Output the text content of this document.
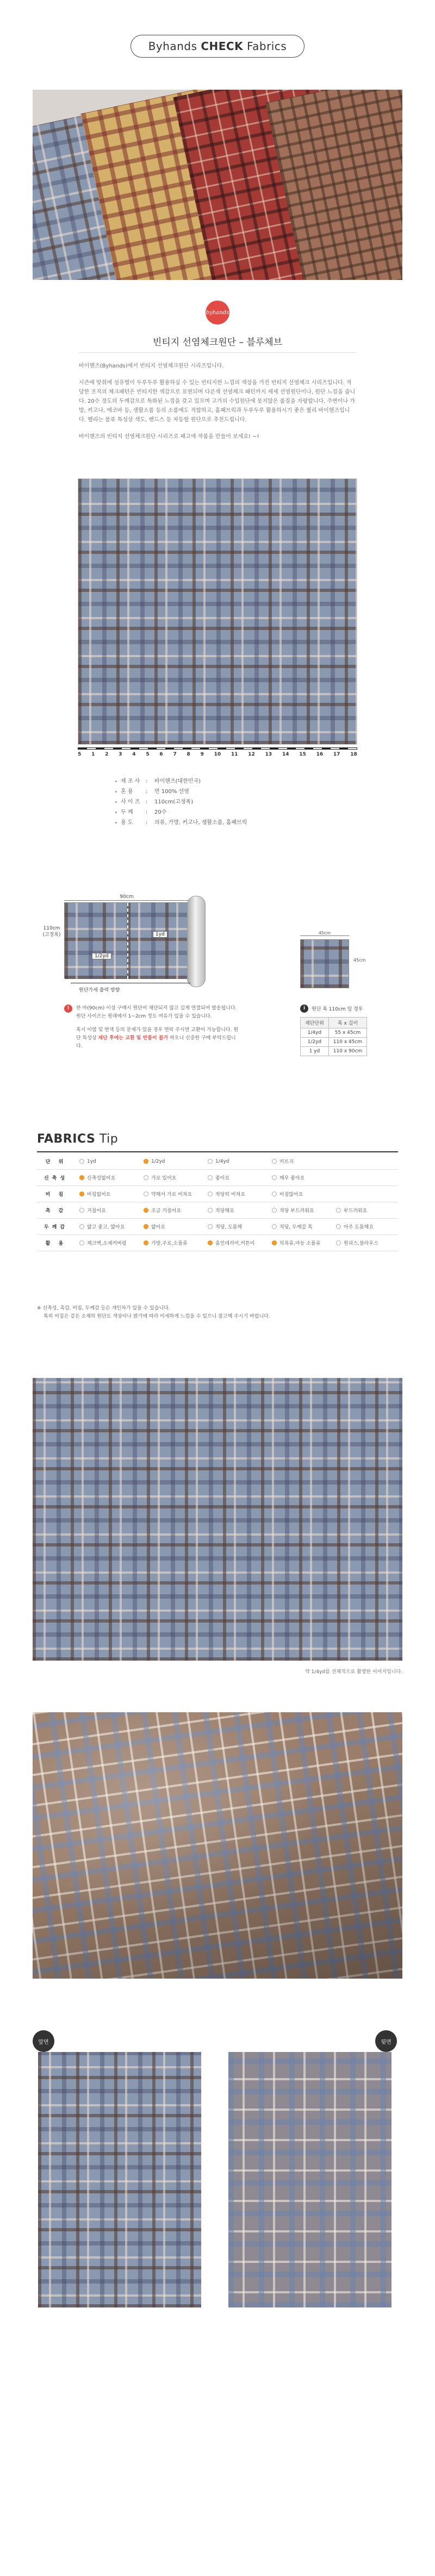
Byhands CHECK Fabrics
byhands
빈티지 선염체크원단 – 블루체브

바이핸즈(Byhands)에서 빈티지 선염체크원단 시리즈입니다.

시즌에 맞춰에 섬유별이 두루두루 활용하실 수 있는 빈티지한 느낌의 색상을 가진 빈티지 선염체크 시리즈입니다. 적당한 조직의 체크패턴은 빈티지한 색감으로 표현되며 다른색 선염체크 패턴까지 세세 선염원단이나, 원단 느낌을 줍니다. 20수 정도의 두께감으로 특화된 느낌을 갖고 있으며 고가의 수입원단에 못지않은 품질을 자랑합니다. 주변이나 가방, 커고나, 에코바 등, 생활소품 등의 소품에도 적합하고, 홈패브릭과 두루두루 활용하시기 좋은 퀄리 바이핸즈입니다. 헬리는 물류 특성상 색도, 밴드스 등 차등할 원단으로 추천드립니다.

바이핸즈의 빈티지 선염체크원단 시리즈로 패고에 작품을 만들어 보세요! ~!

5 1 2 3 4 5 6 7 8 9 10 11 12 13 14 15 16 17 18
제 조 사	:	바이핸즈(대한민국)
혼 용	:	면 100% 선염
사 이 즈	:	110cm(고정폭)
두 께	:	20수
용 도	:	의류, 가방, 커고나, 생활소품, 홈패브릭
90cm
110cm
(고정폭)	1yd
1/2yd
원단가세 출력 방향
45cm
45cm
!	한 마(90cm) 이상 구매시 원단이 재단되지 않고 길게 연결되어 발송됩니다.
원단 사이즈는 원래에서 1~2cm 정도 여유가 있을 수 있습니다.
혹시 이염 및 변색 등의 문제가 있을 경우 연락 주시면 교환이 가능합니다. 원단 특성상 재단 후에는 교환 및 반품이 불가 하오니 신중한 구매 부탁드립니다.
i	원단 폭 110cm 일 경우
재단단위	폭 x 길이
1/4yd	55 x 45cm
1/2yd	110 x 45cm
1 yd	110 x 90cm
FABRICS Tip
단 위	1yd	1/2yd	1/4yd	커트지
신축성	신축성없어요	가로 있어요	좋아요	매우 좋아요
비 침	비침없어요	약해서 가로 비쳐요	적당히 비쳐요	비침많아요
촉 감	거칠어요	조금 거칠어요	적당해요	적당 부드러워요	부드러워요
두께감	얇고 좋고, 얇아요	얇아요	적당, 도톰해	적당, 두께감 톡	아주 도톰해요
활 용	체크백,소재커버링	가방,주로,소품류	홈인테리어,커튼이	의복류,아동 소품류	원피스,블라우스
※ 신축성, 촉감, 비침, 두께감 등은 개인차가 있을 수 있습니다.
특히 비침은 같은 소재의 원단도 색상이나 밝기에 따라 미세하게 느낌을 수 있으니 참고해 주시기 바랍니다.
약 1/4yd를 전체적으로 촬영한 이미지입니다.
앞면	뒷면
